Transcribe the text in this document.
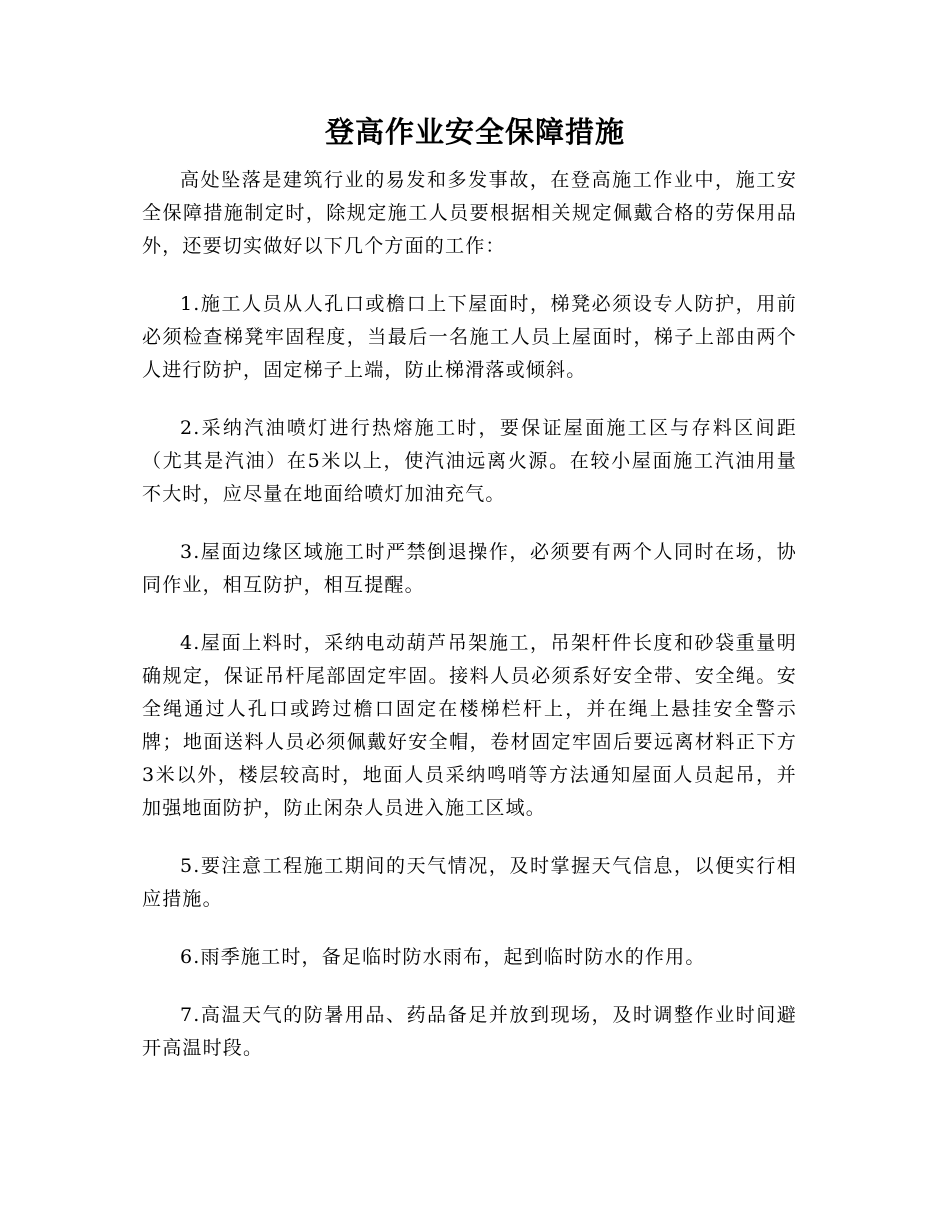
登高作业安全保障措施

高处坠落是建筑行业的易发和多发事故，在登高施工作业中，施工安全保障措施制定时，除规定施工人员要根据相关规定佩戴合格的劳保用品外，还要切实做好以下几个方面的工作：

1.施工人员从人孔口或檐口上下屋面时，梯凳必须设专人防护，用前必须检查梯凳牢固程度，当最后一名施工人员上屋面时，梯子上部由两个人进行防护，固定梯子上端，防止梯滑落或倾斜。

2.采纳汽油喷灯进行热熔施工时，要保证屋面施工区与存料区间距（尤其是汽油）在5米以上，使汽油远离火源。在较小屋面施工汽油用量不大时，应尽量在地面给喷灯加油充气。

3.屋面边缘区域施工时严禁倒退操作，必须要有两个人同时在场，协同作业，相互防护，相互提醒。

4.屋面上料时，采纳电动葫芦吊架施工，吊架杆件长度和砂袋重量明确规定，保证吊杆尾部固定牢固。接料人员必须系好安全带、安全绳。安全绳通过人孔口或跨过檐口固定在楼梯栏杆上，并在绳上悬挂安全警示牌；地面送料人员必须佩戴好安全帽，卷材固定牢固后要远离材料正下方3米以外，楼层较高时，地面人员采纳鸣哨等方法通知屋面人员起吊，并加强地面防护，防止闲杂人员进入施工区域。

5.要注意工程施工期间的天气情况，及时掌握天气信息，以便实行相应措施。

6.雨季施工时，备足临时防水雨布，起到临时防水的作用。

7.高温天气的防暑用品、药品备足并放到现场，及时调整作业时间避开高温时段。
